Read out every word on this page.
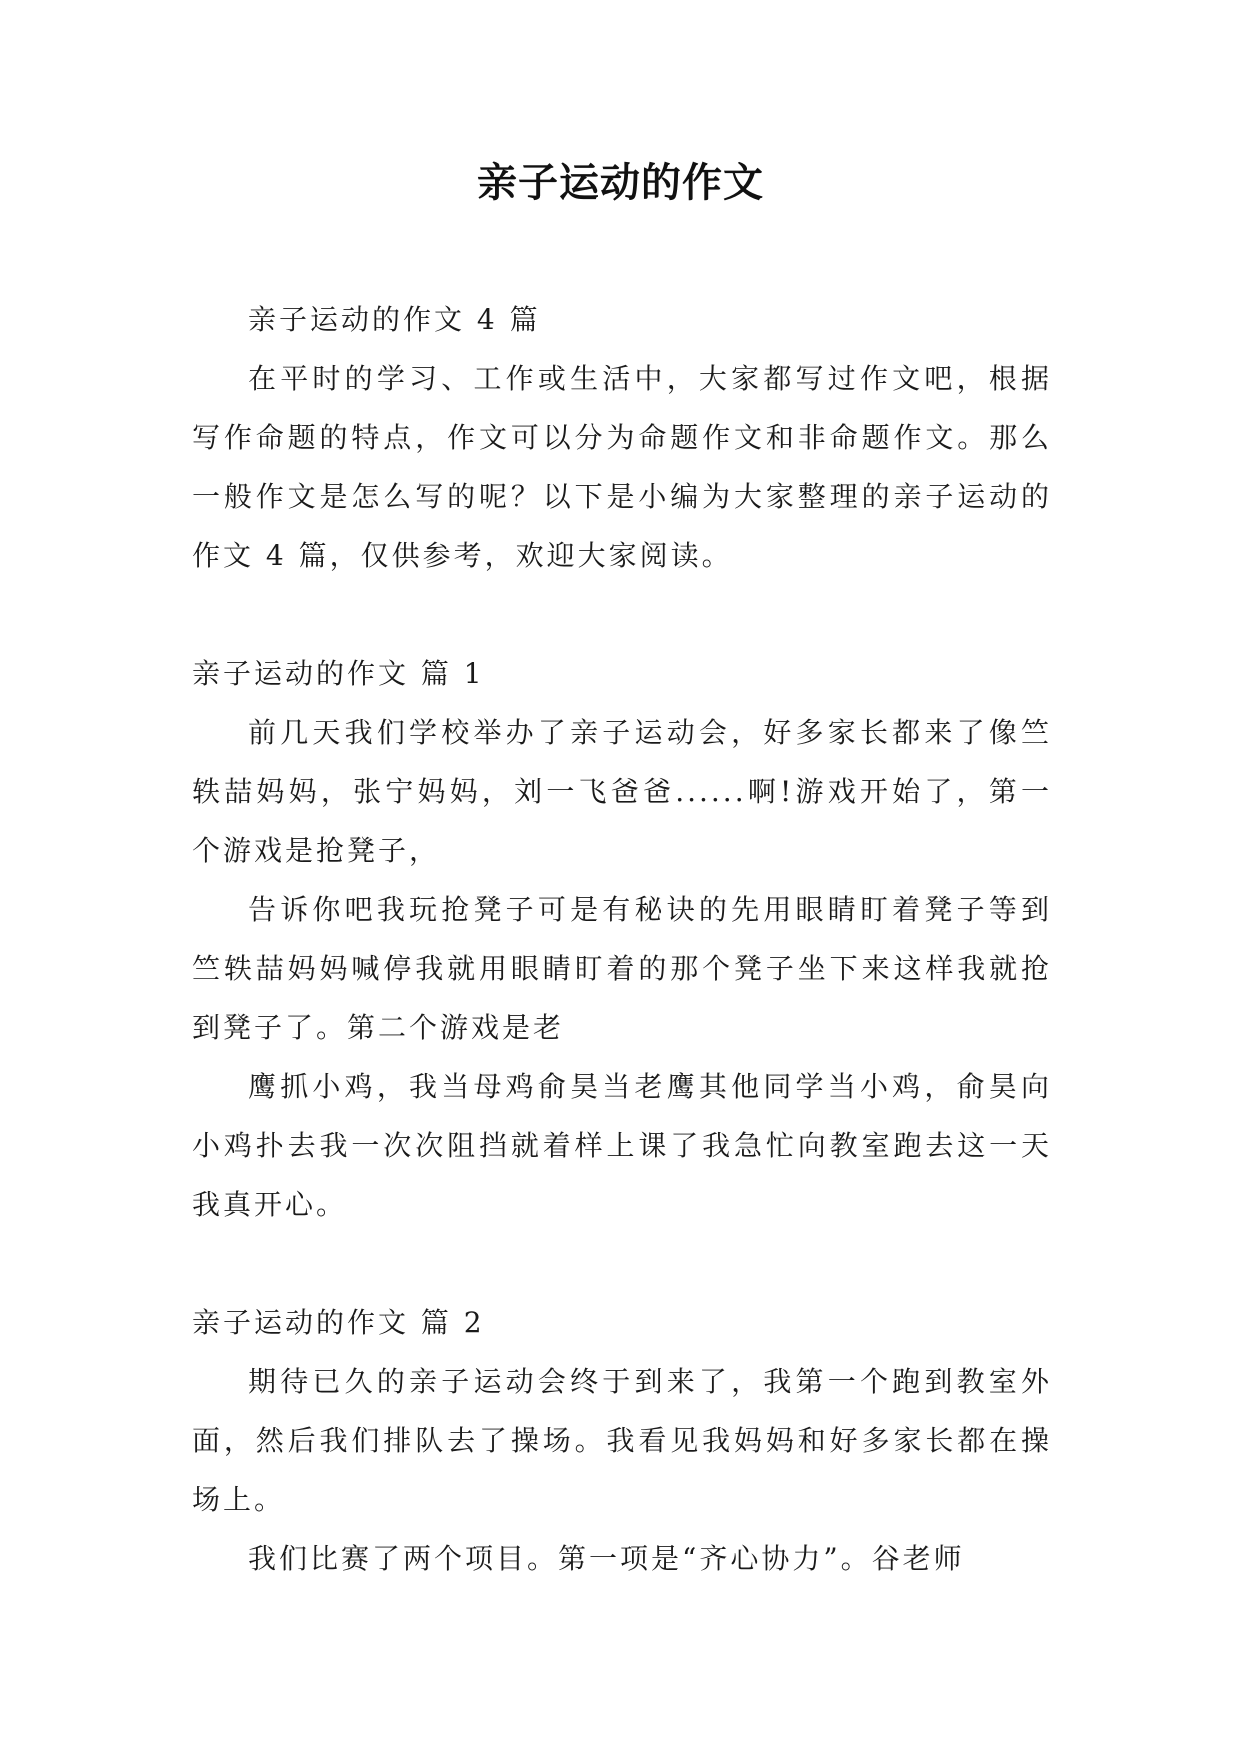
亲子运动的作文

亲子运动的作文 4 篇

在平时的学习、工作或生活中，大家都写过作文吧，根据写作命题的特点，作文可以分为命题作文和非命题作文。那么一般作文是怎么写的呢？以下是小编为大家整理的亲子运动的作文 4 篇，仅供参考，欢迎大家阅读。

亲子运动的作文 篇 1

前几天我们学校举办了亲子运动会，好多家长都来了像竺轶喆妈妈，张宁妈妈，刘一飞爸爸......啊!游戏开始了，第一个游戏是抢凳子，

告诉你吧我玩抢凳子可是有秘诀的先用眼睛盯着凳子等到竺轶喆妈妈喊停我就用眼睛盯着的那个凳子坐下来这样我就抢到凳子了。第二个游戏是老

鹰抓小鸡，我当母鸡俞昊当老鹰其他同学当小鸡，俞昊向小鸡扑去我一次次阻挡就着样上课了我急忙向教室跑去这一天我真开心。

亲子运动的作文 篇 2

期待已久的亲子运动会终于到来了，我第一个跑到教室外面，然后我们排队去了操场。我看见我妈妈和好多家长都在操场上。

我们比赛了两个项目。第一项是“齐心协力”。谷老师
